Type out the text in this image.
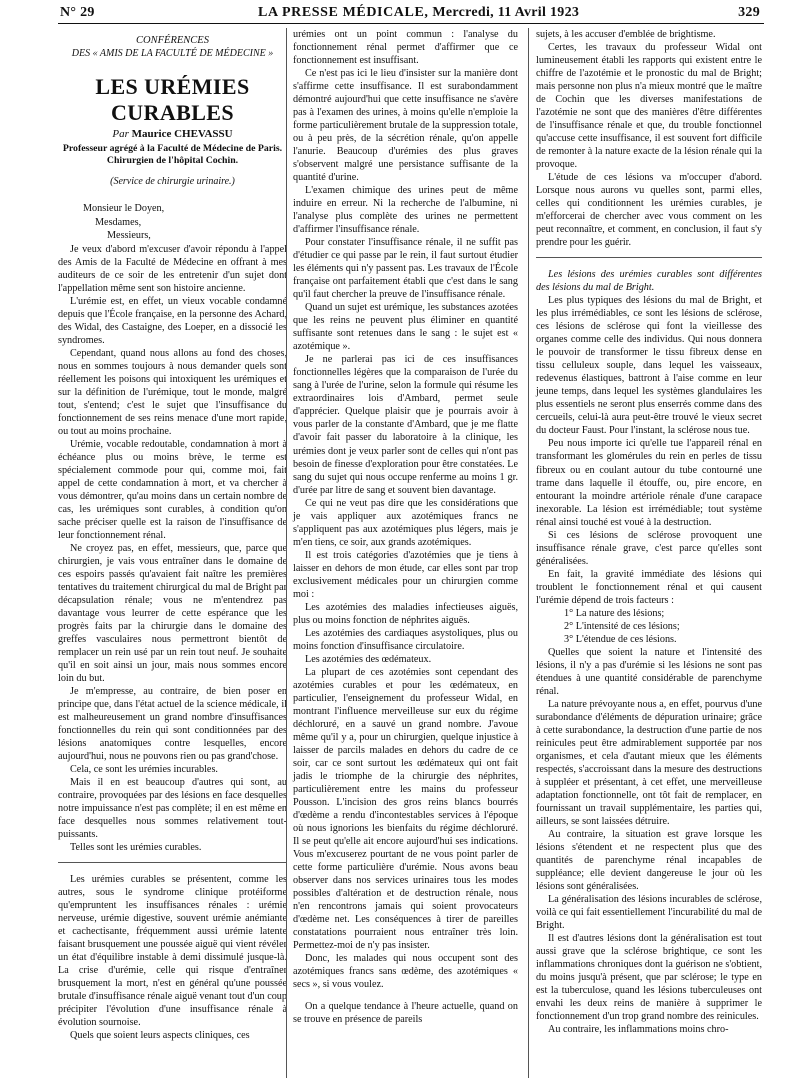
N° 29	LA PRESSE MÉDICALE, Mercredi, 11 Avril 1923	329
CONFÉRENCES
DES « AMIS DE LA FACULTÉ DE MÉDECINE »
LES URÉMIES CURABLES
Par Maurice CHEVASSU
Professeur agrégé à la Faculté de Médecine de Paris.
Chirurgien de l'hôpital Cochin.
(Service de chirurgie urinaire.)
Monsieur le Doyen,
Mesdames,
Messieurs,

Je veux d'abord m'excuser d'avoir répondu à l'appel des Amis de la Faculté de Médecine en offrant à mes auditeurs de ce soir de les entretenir d'un sujet dont l'appellation même sent son histoire ancienne.

L'urémie est, en effet, un vieux vocable condamné depuis que l'École française, en la personne des Achard, des Widal, des Castaigne, des Loeper, en a dissocié les syndromes.

Cependant, quand nous allons au fond des choses, nous en sommes toujours à nous demander quels sont réellement les poisons qui intoxiquent les urémiques et sur la définition de l'urémique, tout le monde, malgré tout, s'entend; c'est le sujet que l'insuffisance du fonctionnement de ses reins menace d'une mort rapide, ou tout au moins prochaine.

Urémie, vocable redoutable, condamnation à mort à échéance plus ou moins brève, le terme est spécialement commode pour qui, comme moi, fait appel de cette condamnation à mort, et va chercher à vous démontrer, qu'au moins dans un certain nombre de cas, les urémiques sont curables, à condition qu'on sache préciser quelle est la raison de l'insuffisance de leur fonctionnement rénal.

Ne croyez pas, en effet, messieurs, que, parce que chirurgien, je vais vous entraîner dans le domaine de ces espoirs passés qu'avaient fait naître les premières tentatives du traitement chirurgical du mal de Bright par décapsulation rénale; vous ne m'entendrez pas davantage vous leurrer de cette espérance que les progrès faits par la chirurgie dans le domaine des greffes vasculaires nous permettront bientôt de remplacer un rein usé par un rein tout neuf. Je souhaite qu'il en soit ainsi un jour, mais nous sommes encore loin du but.

Je m'empresse, au contraire, de bien poser en principe que, dans l'état actuel de la science médicale, il est malheureusement un grand nombre d'insuffisances fonctionnelles du rein qui sont conditionnées par des lésions anatomiques contre lesquelles, encore aujourd'hui, nous ne pouvons rien ou pas grand'chose.

Cela, ce sont les urémies incurables.

Mais il en est beaucoup d'autres qui sont, au contraire, provoquées par des lésions en face desquelles notre impuissance n'est pas complète; il en est même en face desquelles nous sommes relativement tout-puissants.

Telles sont les urémies curables.

Les urémies curables se présentent, comme les autres, sous le syndrome clinique protéiforme qu'empruntent les insuffisances rénales : urémie nerveuse, urémie digestive, souvent urémie anémiante et cachectisante, fréquemment aussi urémie latente faisant brusquement une poussée aiguë qui vient révéler un état d'équilibre instable à demi dissimulé jusque-là. La crise d'urémie, celle qui risque d'entraîner brusquement la mort, n'est en général qu'une poussée brutale d'insuffisance rénale aiguë venant tout d'un coup précipiter l'évolution d'une insuffisance rénale à évolution sournoise.

Quels que soient leurs aspects cliniques, ces

urémies ont un point commun : l'analyse du fonctionnement rénal permet d'affirmer que ce fonctionnement est insuffisant.

Ce n'est pas ici le lieu d'insister sur la manière dont s'affirme cette insuffisance. Il est surabondamment démontré aujourd'hui que cette insuffisance ne s'avère pas à l'examen des urines, à moins qu'elle n'emploie la forme particulièrement brutale de la suppression totale, ou à peu près, de la sécrétion rénale, qu'on appelle l'anurie. Beaucoup d'urémies des plus graves s'observent malgré une persistance suffisante de la quantité d'urine.

L'examen chimique des urines peut de même induire en erreur. Ni la recherche de l'albumine, ni l'analyse plus complète des urines ne permettent d'affirmer l'insuffisance rénale.

Pour constater l'insuffisance rénale, il ne suffit pas d'étudier ce qui passe par le rein, il faut surtout étudier les éléments qui n'y passent pas. Les travaux de l'École française ont parfaitement établi que c'est dans le sang qu'il faut chercher la preuve de l'insuffisance rénale.

Quand un sujet est urémique, les substances azotées que les reins ne peuvent plus éliminer en quantité suffisante sont retenues dans le sang : le sujet est « azotémique ».

Je ne parlerai pas ici de ces insuffisances fonctionnelles légères que la comparaison de l'urée du sang à l'urée de l'urine, selon la formule qui résume les extraordinaires lois d'Ambard, permet seule d'apprécier. Quelque plaisir que je pourrais avoir à vous parler de la constante d'Ambard, que je me flatte d'avoir fait passer du laboratoire à la clinique, les urémies dont je veux parler sont de celles qui n'ont pas besoin de finesse d'exploration pour être constatées. Le sang du sujet qui nous occupe renferme au moins 1 gr. d'urée par litre de sang et souvent bien davantage.

Ce qui ne veut pas dire que les considérations que je vais appliquer aux azotémiques francs ne s'appliquent pas aux azotémiques plus légers, mais je m'en tiens, ce soir, aux grands azotémiques.

Il est trois catégories d'azotémies que je tiens à laisser en dehors de mon étude, car elles sont par trop exclusivement médicales pour un chirurgien comme moi :

Les azotémies des maladies infectieuses aiguës, plus ou moins fonction de néphrites aiguës.

Les azotémies des cardiaques asystoliques, plus ou moins fonction d'insuffisance circulatoire.

Les azotémies des œdémateux.

La plupart de ces azotémies sont cependant des azotémies curables et pour les œdémateux, en particulier, l'enseignement du professeur Widal, en montrant l'influence merveilleuse sur eux du régime déchloruré, en a sauvé un grand nombre. J'avoue même qu'il y a, pour un chirurgien, quelque injustice à laisser de parcils malades en dehors du cadre de ce soir, car ce sont surtout les œdémateux qui ont fait jadis le triomphe de la chirurgie des néphrites, particulièrement entre les mains du professeur Pousson. L'incision des gros reins blancs bourrés d'œdème a rendu d'incontestables services à l'époque où nous ignorions les bienfaits du régime déchloruré. Il se peut qu'elle ait encore aujourd'hui ses indications. Vous m'excuserez pourtant de ne vous point parler de cette forme particulière d'urémie. Nous avons beau observer dans nos services urinaires tous les modes possibles d'altération et de destruction rénale, nous n'en rencontrons jamais qui soient provocateurs d'œdème net. Les conséquences à tirer de pareilles constatations pourraient nous entraîner très loin. Permettez-moi de n'y pas insister.

Donc, les malades qui nous occupent sont des azotémiques francs sans œdème, des azotémiques « secs », si vous voulez.

On a quelque tendance à l'heure actuelle, quand on se trouve en présence de pareils

sujets, à les accuser d'emblée de brightisme.

Certes, les travaux du professeur Widal ont lumineusement établi les rapports qui existent entre le chiffre de l'azotémie et le pronostic du mal de Bright; mais personne non plus n'a mieux montré que le maître de Cochin que les diverses manifestations de l'azotémie ne sont que des manières d'être différentes de l'insuffisance rénale et que, du trouble fonctionnel qu'accuse cette insuffisance, il est souvent fort difficile de remonter à la nature exacte de la lésion rénale qui la provoque.

L'étude de ces lésions va m'occuper d'abord. Lorsque nous aurons vu quelles sont, parmi elles, celles qui conditionnent les urémies curables, je m'efforcerai de chercher avec vous comment on les peut reconnaître, et comment, en conclusion, il faut s'y prendre pour les guérir.

Les lésions des urémies curables sont différentes des lésions du mal de Bright.

Les plus typiques des lésions du mal de Bright, et les plus irrémédiables, ce sont les lésions de sclérose, ces lésions de sclérose qui font la vieillesse des organes comme celle des individus. Qui nous donnera le pouvoir de transformer le tissu fibreux dense en tissu celluleux souple, dans lequel les vaisseaux, redevenus élastiques, battront à l'aise comme en leur jeune temps, dans lequel les systèmes glandulaires les plus essentiels ne seront plus enserrés comme dans des cercueils, celui-là aura peut-être trouvé le vieux secret du docteur Faust. Pour l'instant, la sclérose nous tue.

Peu nous importe ici qu'elle tue l'appareil rénal en transformant les glomérules du rein en perles de tissu fibreux ou en coulant autour du tube contourné une trame dans laquelle il étouffe, ou, pire encore, en entourant la moindre artériole rénale d'une carapace inexorable. La lésion est irrémédiable; tout système rénal ainsi touché est voué à la destruction.

Si ces lésions de sclérose provoquent une insuffisance rénale grave, c'est parce qu'elles sont généralisées.

En fait, la gravité immédiate des lésions qui troublent le fonctionnement rénal et qui causent l'urémie dépend de trois facteurs :

1° La nature des lésions;
2° L'intensité de ces lésions;
3° L'étendue de ces lésions.

Quelles que soient la nature et l'intensité des lésions, il n'y a pas d'urémie si les lésions ne sont pas étendues à une quantité considérable de parenchyme rénal.

La nature prévoyante nous a, en effet, pourvus d'une surabondance d'éléments de dépuration urinaire; grâce à cette surabondance, la destruction d'une partie de nos reinicules peut être admirablement supportée par nos organismes, et cela d'autant mieux que les éléments respectés, s'accroissant dans la mesure des destructions à suppléer et présentant, à cet effet, une merveilleuse adaptation fonctionnelle, ont tôt fait de remplacer, en fournissant un travail supplémentaire, les parties qui, ailleurs, se sont laissées détruire.

Au contraire, la situation est grave lorsque les lésions s'étendent et ne respectent plus que des quantités de parenchyme rénal incapables de suppléance; elle devient dangereuse le jour où les lésions sont généralisées.

La généralisation des lésions incurables de sclérose, voilà ce qui fait essentiellement l'incurabilité du mal de Bright.

Il est d'autres lésions dont la généralisation est tout aussi grave que la sclérose brightique, ce sont les inflammations chroniques dont la guérison ne s'obtient, du moins jusqu'à présent, que par sclérose; le type en est la tuberculose, quand les lésions tuberculeuses ont envahi les deux reins de manière à supprimer le fonctionnement d'un trop grand nombre des reinicules.

Au contraire, les inflammations moins chro-
